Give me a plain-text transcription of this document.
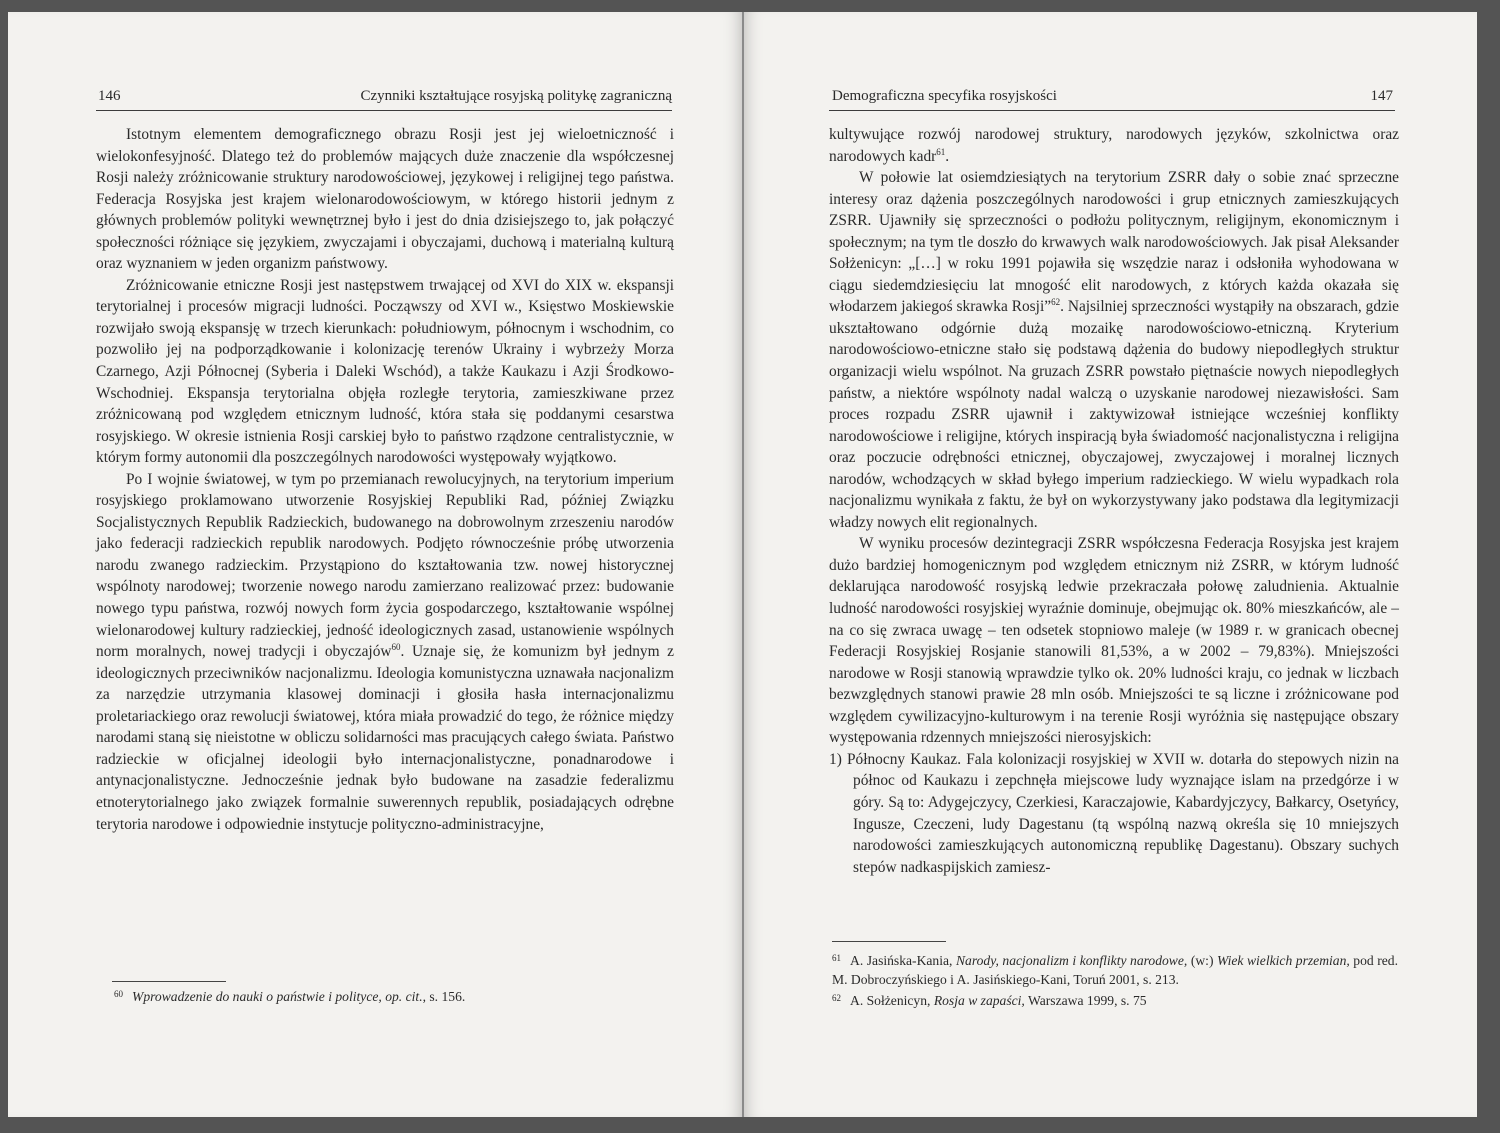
146	Czynniki kształtujące rosyjską politykę zagraniczną

Istotnym elementem demograficznego obrazu Rosji jest jej wieloetniczność i wielokonfesyjność. Dlatego też do problemów mających duże znaczenie dla współczesnej Rosji należy zróżnicowanie struktury narodowościowej, językowej i religijnej tego państwa. Federacja Rosyjska jest krajem wielonarodowościowym, w którego historii jednym z głównych problemów polityki wewnętrznej było i jest do dnia dzisiejszego to, jak połączyć społeczności różniące się językiem, zwyczajami i obyczajami, duchową i materialną kulturą oraz wyznaniem w jeden organizm państwowy.

Zróżnicowanie etniczne Rosji jest następstwem trwającej od XVI do XIX w. ekspansji terytorialnej i procesów migracji ludności. Począwszy od XVI w., Księstwo Moskiewskie rozwijało swoją ekspansję w trzech kierunkach: południowym, północnym i wschodnim, co pozwoliło jej na podporządkowanie i kolonizację terenów Ukrainy i wybrzeży Morza Czarnego, Azji Północnej (Syberia i Daleki Wschód), a także Kaukazu i Azji Środkowo-Wschodniej. Ekspansja terytorialna objęła rozległe terytoria, zamieszkiwane przez zróżnicowaną pod względem etnicznym ludność, która stała się poddanymi cesarstwa rosyjskiego. W okresie istnienia Rosji carskiej było to państwo rządzone centralistycznie, w którym formy autonomii dla poszczególnych narodowości występowały wyjątkowo.

Po I wojnie światowej, w tym po przemianach rewolucyjnych, na terytorium imperium rosyjskiego proklamowano utworzenie Rosyjskiej Republiki Rad, później Związku Socjalistycznych Republik Radzieckich, budowanego na dobrowolnym zrzeszeniu narodów jako federacji radzieckich republik narodowych. Podjęto równocześnie próbę utworzenia narodu zwanego radzieckim. Przystąpiono do kształtowania tzw. nowej historycznej wspólnoty narodowej; tworzenie nowego narodu zamierzano realizować przez: budowanie nowego typu państwa, rozwój nowych form życia gospodarczego, kształtowanie wspólnej wielonarodowej kultury radzieckiej, jedność ideologicznych zasad, ustanowienie wspólnych norm moralnych, nowej tradycji i obyczajów$^{60}$. Uznaje się, że komunizm był jednym z ideologicznych przeciwników nacjonalizmu. Ideologia komunistyczna uznawała nacjonalizm za narzędzie utrzymania klasowej dominacji i głosiła hasła internacjonalizmu proletariackiego oraz rewolucji światowej, która miała prowadzić do tego, że różnice między narodami staną się nieistotne w obliczu solidarności mas pracujących całego świata. Państwo radzieckie w oficjalnej ideologii było internacjonalistyczne, ponadnarodowe i antynacjonalistyczne. Jednocześnie jednak było budowane na zasadzie federalizmu etnoterytorialnego jako związek formalnie suwerennych republik, posiadających odrębne terytoria narodowe i odpowiednie instytucje polityczno-administracyjne,

$^{60}$ Wprowadzenie do nauki o państwie i polityce, op. cit., s. 156.

Demograficzna specyfika rosyjskości	147

kultywujące rozwój narodowej struktury, narodowych języków, szkolnictwa oraz narodowych kadr$^{61}$.

W połowie lat osiemdziesiątych na terytorium ZSRR dały o sobie znać sprzeczne interesy oraz dążenia poszczególnych narodowości i grup etnicznych zamieszkujących ZSRR. Ujawniły się sprzeczności o podłożu politycznym, religijnym, ekonomicznym i społecznym; na tym tle doszło do krwawych walk narodowościowych. Jak pisał Aleksander Sołżenicyn: „[…] w roku 1991 pojawiła się wszędzie naraz i odsłoniła wyhodowana w ciągu siedemdziesięciu lat mnogość elit narodowych, z których każda okazała się włodarzem jakiegoś skrawka Rosji”$^{62}$. Najsilniej sprzeczności wystąpiły na obszarach, gdzie ukształtowano odgórnie dużą mozaikę narodowościowo-etniczną. Kryterium narodowościowo-etniczne stało się podstawą dążenia do budowy niepodległych struktur organizacji wielu wspólnot. Na gruzach ZSRR powstało piętnaście nowych niepodległych państw, a niektóre wspólnoty nadal walczą o uzyskanie narodowej niezawisłości. Sam proces rozpadu ZSRR ujawnił i zaktywizował istniejące wcześniej konflikty narodowościowe i religijne, których inspiracją była świadomość nacjonalistyczna i religijna oraz poczucie odrębności etnicznej, obyczajowej, zwyczajowej i moralnej licznych narodów, wchodzących w skład byłego imperium radzieckiego. W wielu wypadkach rola nacjonalizmu wynikała z faktu, że był on wykorzystywany jako podstawa dla legitymizacji władzy nowych elit regionalnych.

W wyniku procesów dezintegracji ZSRR współczesna Federacja Rosyjska jest krajem dużo bardziej homogenicznym pod względem etnicznym niż ZSRR, w którym ludność deklarująca narodowość rosyjską ledwie przekraczała połowę zaludnienia. Aktualnie ludność narodowości rosyjskiej wyraźnie dominuje, obejmując ok. 80% mieszkańców, ale – na co się zwraca uwagę – ten odsetek stopniowo maleje (w 1989 r. w granicach obecnej Federacji Rosyjskiej Rosjanie stanowili 81,53%, a w 2002 – 79,83%). Mniejszości narodowe w Rosji stanowią wprawdzie tylko ok. 20% ludności kraju, co jednak w liczbach bezwzględnych stanowi prawie 28 mln osób. Mniejszości te są liczne i zróżnicowane pod względem cywilizacyjno-kulturowym i na terenie Rosji wyróżnia się następujące obszary występowania rdzennych mniejszości nierosyjskich:

1) Północny Kaukaz. Fala kolonizacji rosyjskiej w XVII w. dotarła do stepowych nizin na północ od Kaukazu i zepchnęła miejscowe ludy wyznające islam na przedgórze i w góry. Są to: Adygejczycy, Czerkiesi, Karaczajowie, Kabardyjczycy, Bałkarcy, Osetyńcy, Ingusze, Czeczeni, ludy Dagestanu (tą wspólną nazwą określa się 10 mniejszych narodowości zamieszkujących autonomiczną republikę Dagestanu). Obszary suchych stepów nadkaspijskich zamiesz-

$^{61}$ A. Jasińska-Kania, Narody, nacjonalizm i konflikty narodowe, (w:) Wiek wielkich przemian, pod red. M. Dobroczyńskiego i A. Jasińskiego-Kani, Toruń 2001, s. 213.

$^{62}$ A. Sołżenicyn, Rosja w zapaści, Warszawa 1999, s. 75
